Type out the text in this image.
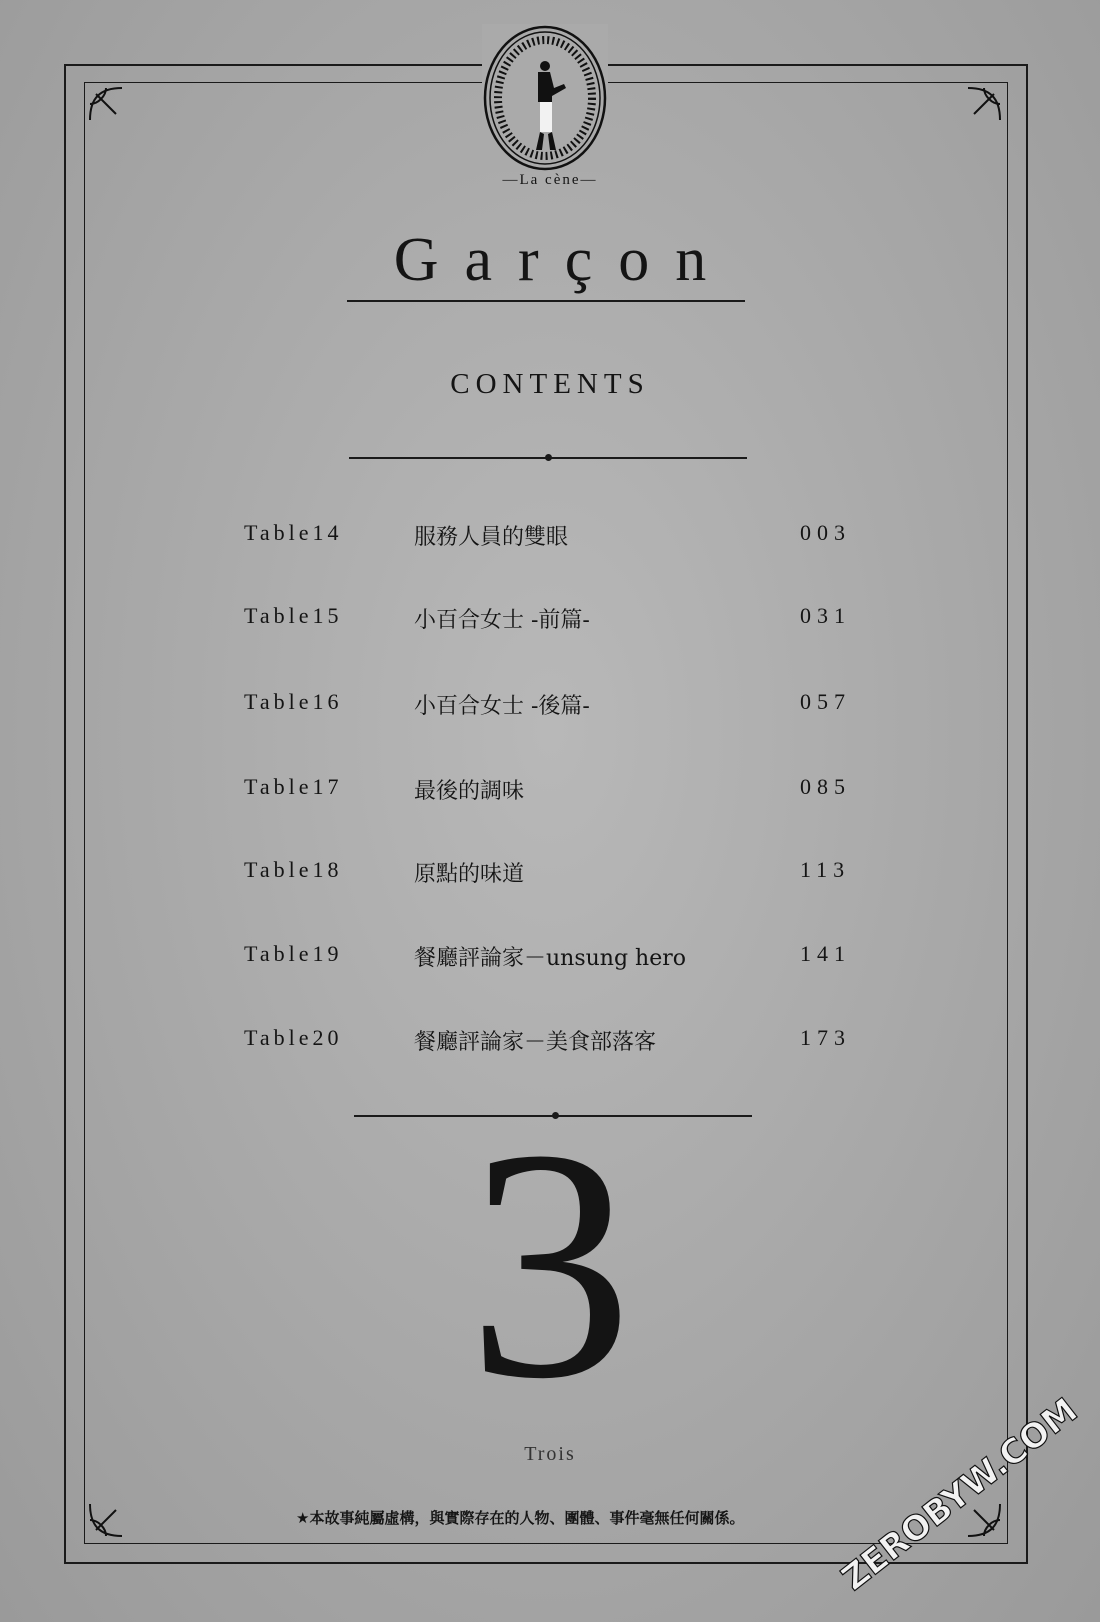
—La cène—
Garçon
CONTENTS
Table14	服務人員的雙眼	003
Table15	小百合女士 -前篇-	031
Table16	小百合女士 -後篇-	057
Table17	最後的調味	085
Table18	原點的味道	113
Table19	餐廳評論家－unsung hero	141
Table20	餐廳評論家－美食部落客	173
3
Trois
★本故事純屬虛構，與實際存在的人物、團體、事件毫無任何關係。	ZEROBYW.COM
